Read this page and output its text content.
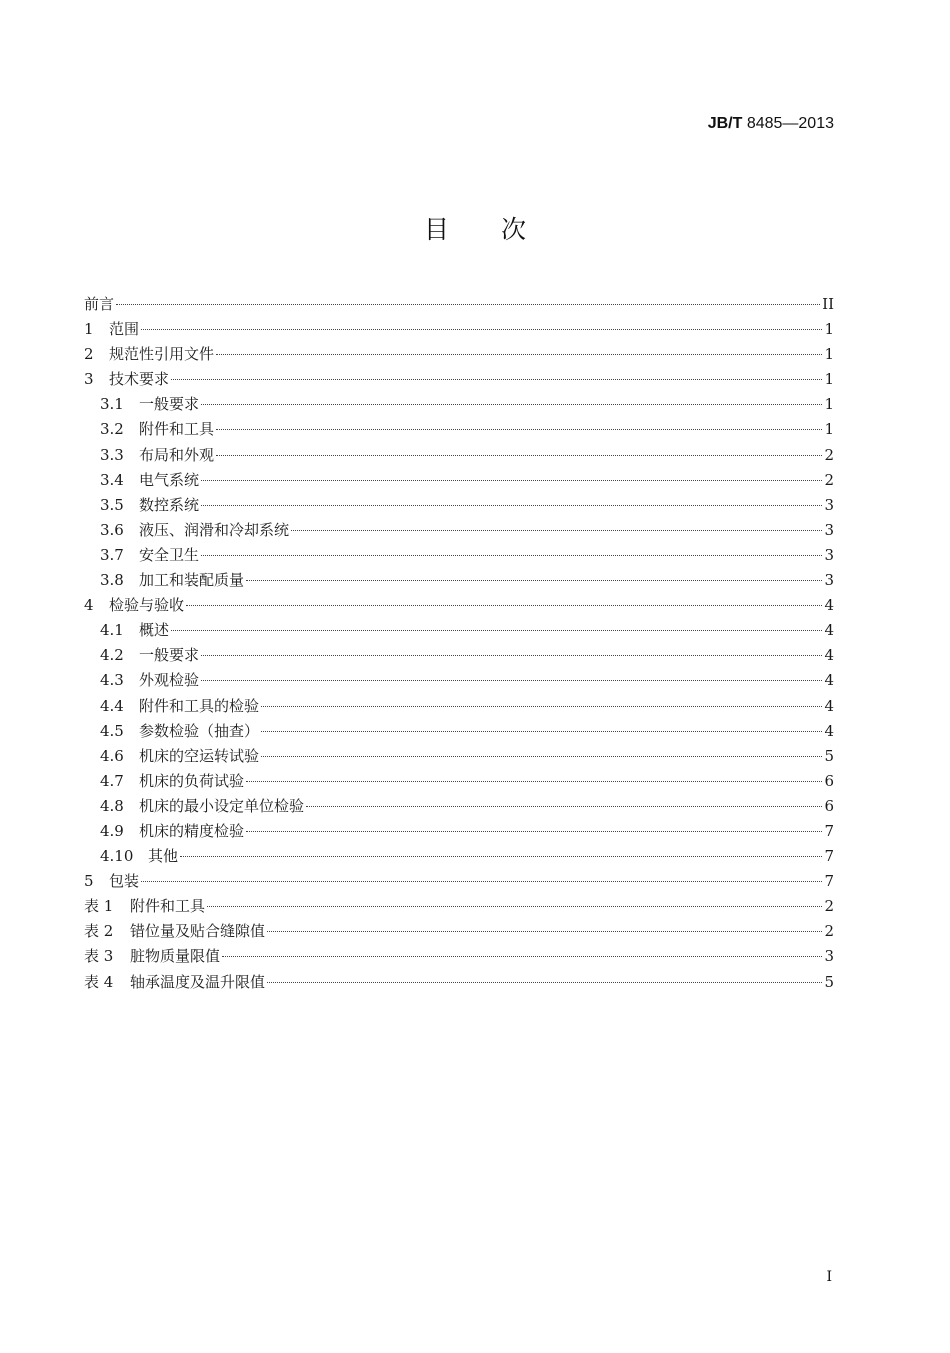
JB/T 8485—2013
目次
前言	II
1	范围	1
2	规范性引用文件	1
3	技术要求	1
3.1	一般要求	1
3.2	附件和工具	1
3.3	布局和外观	2
3.4	电气系统	2
3.5	数控系统	3
3.6	液压、润滑和冷却系统	3
3.7	安全卫生	3
3.8	加工和装配质量	3
4	检验与验收	4
4.1	概述	4
4.2	一般要求	4
4.3	外观检验	4
4.4	附件和工具的检验	4
4.5	参数检验（抽查）	4
4.6	机床的空运转试验	5
4.7	机床的负荷试验	6
4.8	机床的最小设定单位检验	6
4.9	机床的精度检验	7
4.10 其他	7
5	包装	7
表 1	附件和工具	2
表 2	错位量及贴合缝隙值	2
表 3	脏物质量限值	3
表 4	轴承温度及温升限值	5
I
